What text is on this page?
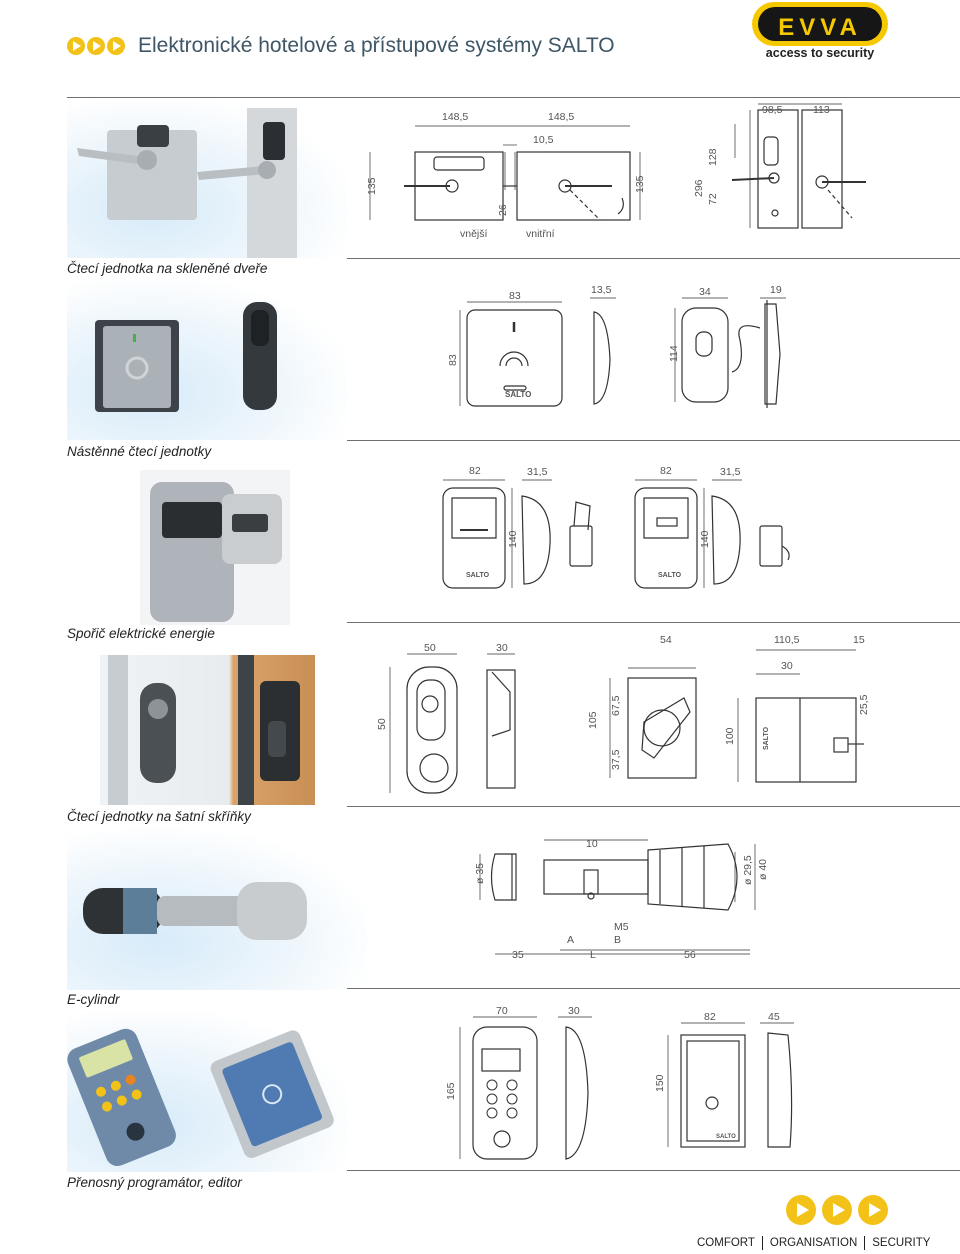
Elektronické hotelové a přístupové systémy SALTO
EVVA
access to security
148,5	148,5
10,5
135
26
135
98,5	113
296
128
72
vnější	vnitřní
Čtecí jednotka na skleněné dveře
83	13,5	34	19
83	114
SALTO
Nástěnné čtecí jednotky
82	31,5	82	31,5
140	140
SALTO	SALTO
Spořič elektrické energie
50	30
54	110,5	15
30
50	105
67,5
37,5
100
25,5
SALTO
Čtecí jednotky na šatní skříňky
10
ø 35	ø 29,5 ø 40
M5
A	B
35	L	56
E-cylindr
70	30	82	45
165	150
SALTO
Přenosný programátor, editor
COMFORT ORGANISATION SECURITY
